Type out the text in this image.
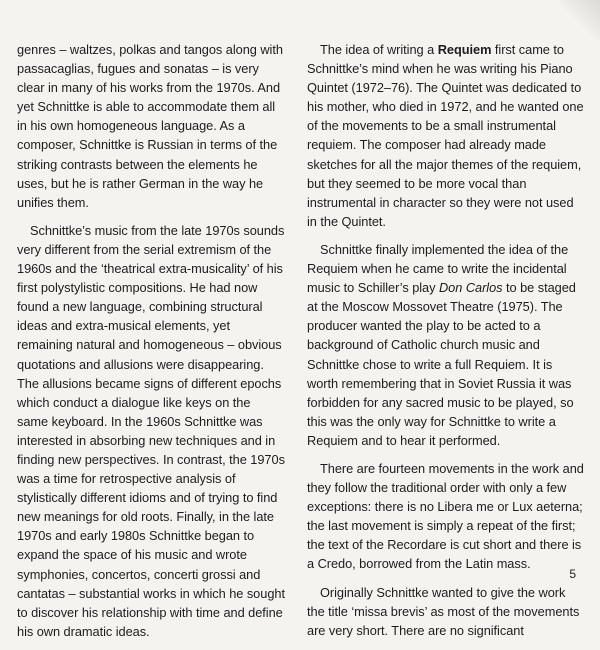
genres – waltzes, polkas and tangos along with passacaglias, fugues and sonatas – is very clear in many of his works from the 1970s. And yet Schnittke is able to accommodate them all in his own homogeneous language. As a composer, Schnittke is Russian in terms of the striking contrasts between the elements he uses, but he is rather German in the way he unifies them.

Schnittke’s music from the late 1970s sounds very different from the serial extremism of the 1960s and the ‘theatrical extra-musicality’ of his first polystylistic compositions. He had now found a new language, combining structural ideas and extra-musical elements, yet remaining natural and homogeneous – obvious quotations and allusions were disappearing. The allusions became signs of different epochs which conduct a dialogue like keys on the same keyboard. In the 1960s Schnittke was interested in absorbing new techniques and in finding new perspectives. In contrast, the 1970s was a time for retrospective analysis of stylistically different idioms and of trying to find new meanings for old roots. Finally, in the late 1970s and early 1980s Schnittke began to expand the space of his music and wrote symphonies, concertos, concerti grossi and cantatas – substantial works in which he sought to discover his relationship with time and define his own dramatic ideas.

The idea of writing a Requiem first came to Schnittke’s mind when he was writing his Piano Quintet (1972–76). The Quintet was dedicated to his mother, who died in 1972, and he wanted one of the movements to be a small instrumental requiem. The composer had already made sketches for all the major themes of the requiem, but they seemed to be more vocal than instrumental in character so they were not used in the Quintet.

Schnittke finally implemented the idea of the Requiem when he came to write the incidental music to Schiller’s play Don Carlos to be staged at the Moscow Mossovet Theatre (1975). The producer wanted the play to be acted to a background of Catholic church music and Schnittke chose to write a full Requiem. It is worth remembering that in Soviet Russia it was forbidden for any sacred music to be played, so this was the only way for Schnittke to write a Requiem and to hear it performed.

There are fourteen movements in the work and they follow the traditional order with only a few exceptions: there is no Libera me or Lux aeterna; the last movement is simply a repeat of the first; the text of the Recordare is cut short and there is a Credo, borrowed from the Latin mass.

Originally Schnittke wanted to give the work the title ‘missa brevis’ as most of the movements are very short. There are no significant

5
